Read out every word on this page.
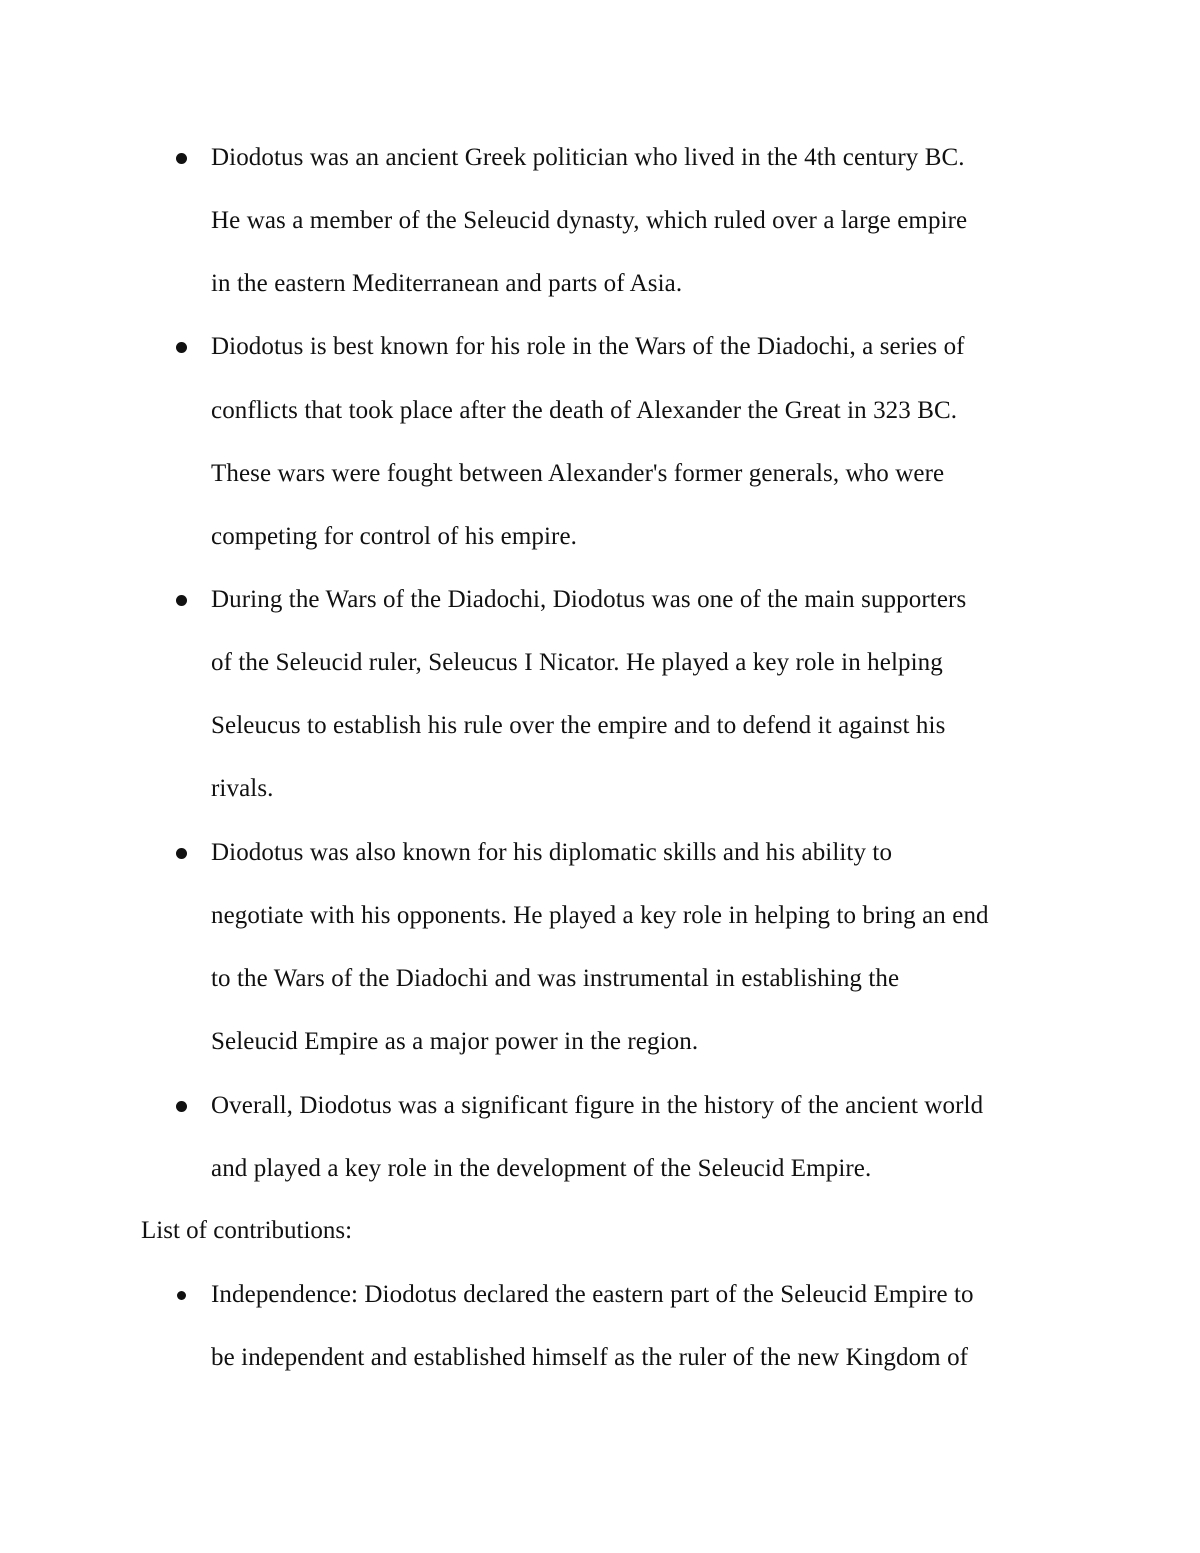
Diodotus was an ancient Greek politician who lived in the 4th century BC.
He was a member of the Seleucid dynasty, which ruled over a large empire
in the eastern Mediterranean and parts of Asia.
Diodotus is best known for his role in the Wars of the Diadochi, a series of
conflicts that took place after the death of Alexander the Great in 323 BC.
These wars were fought between Alexander's former generals, who were
competing for control of his empire.
During the Wars of the Diadochi, Diodotus was one of the main supporters
of the Seleucid ruler, Seleucus I Nicator. He played a key role in helping
Seleucus to establish his rule over the empire and to defend it against his
rivals.
Diodotus was also known for his diplomatic skills and his ability to
negotiate with his opponents. He played a key role in helping to bring an end
to the Wars of the Diadochi and was instrumental in establishing the
Seleucid Empire as a major power in the region.
Overall, Diodotus was a significant figure in the history of the ancient world
and played a key role in the development of the Seleucid Empire.
List of contributions:
Independence: Diodotus declared the eastern part of the Seleucid Empire to
be independent and established himself as the ruler of the new Kingdom of
